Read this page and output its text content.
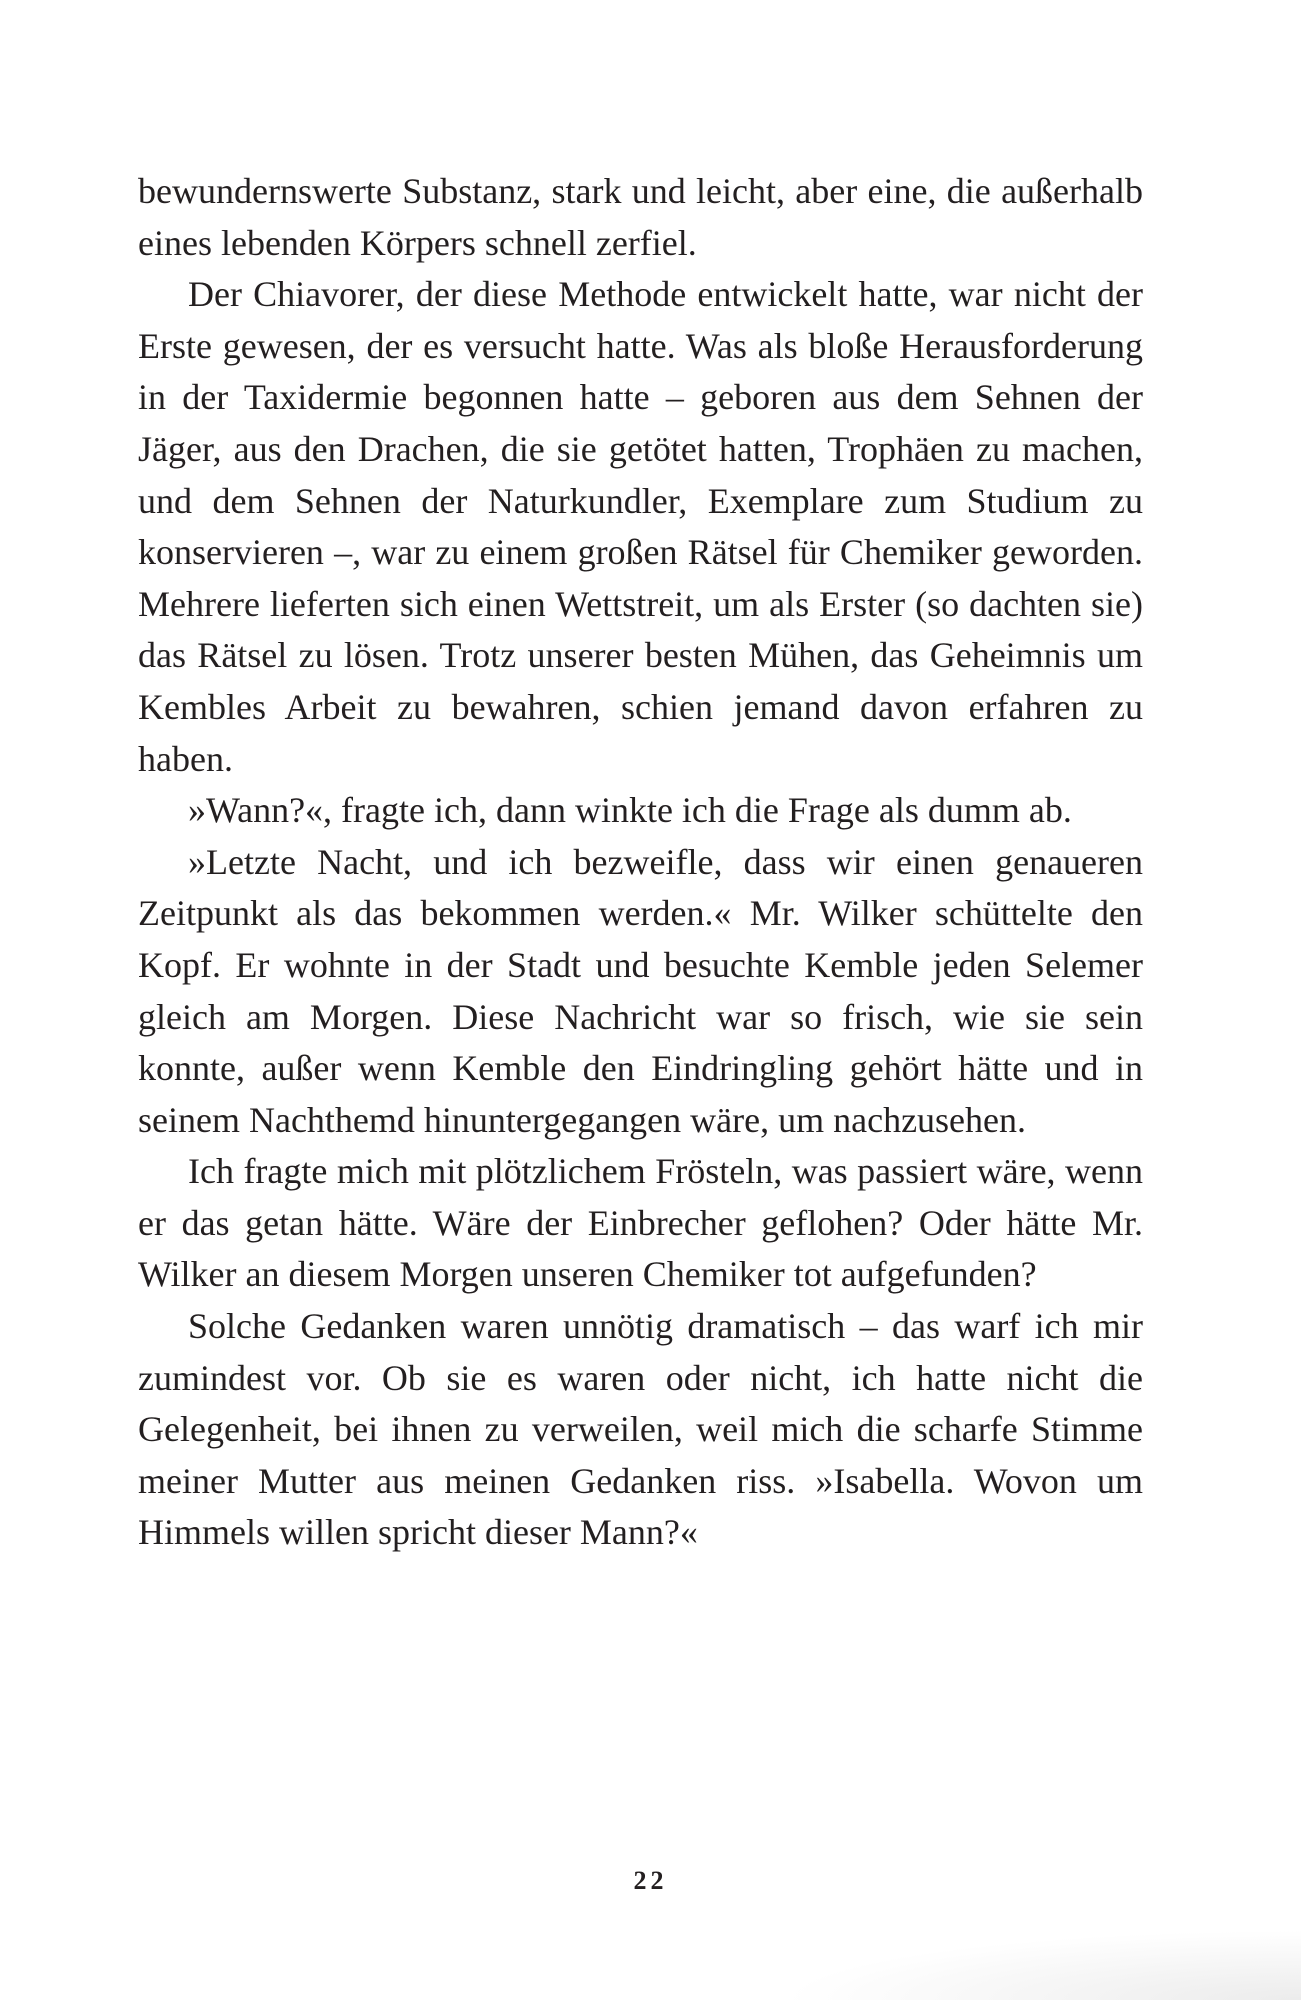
bewundernswerte Substanz, stark und leicht, aber eine, die außerhalb eines lebenden Körpers schnell zerfiel.

Der Chiavorer, der diese Methode entwickelt hatte, war nicht der Erste gewesen, der es versucht hatte. Was als bloße Herausforderung in der Taxidermie begonnen hatte – geboren aus dem Sehnen der Jäger, aus den Drachen, die sie getötet hatten, Trophäen zu machen, und dem Sehnen der Naturkundler, Exemplare zum Studium zu konservieren –, war zu einem großen Rätsel für Chemiker geworden. Mehrere lieferten sich einen Wettstreit, um als Erster (so dachten sie) das Rätsel zu lösen. Trotz unserer besten Mühen, das Geheimnis um Kembles Arbeit zu bewahren, schien jemand davon erfahren zu haben.

»Wann?«, fragte ich, dann winkte ich die Frage als dumm ab.

»Letzte Nacht, und ich bezweifle, dass wir einen genaueren Zeitpunkt als das bekommen werden.« Mr. Wilker schüttelte den Kopf. Er wohnte in der Stadt und besuchte Kemble jeden Selemer gleich am Morgen. Diese Nachricht war so frisch, wie sie sein konnte, außer wenn Kemble den Eindringling gehört hätte und in seinem Nachthemd hinuntergegangen wäre, um nachzusehen.

Ich fragte mich mit plötzlichem Frösteln, was passiert wäre, wenn er das getan hätte. Wäre der Einbrecher geflohen? Oder hätte Mr. Wilker an diesem Morgen unseren Chemiker tot aufgefunden?

Solche Gedanken waren unnötig dramatisch – das warf ich mir zumindest vor. Ob sie es waren oder nicht, ich hatte nicht die Gelegenheit, bei ihnen zu verweilen, weil mich die scharfe Stimme meiner Mutter aus meinen Gedanken riss. »Isabella. Wovon um Himmels willen spricht dieser Mann?«

22
